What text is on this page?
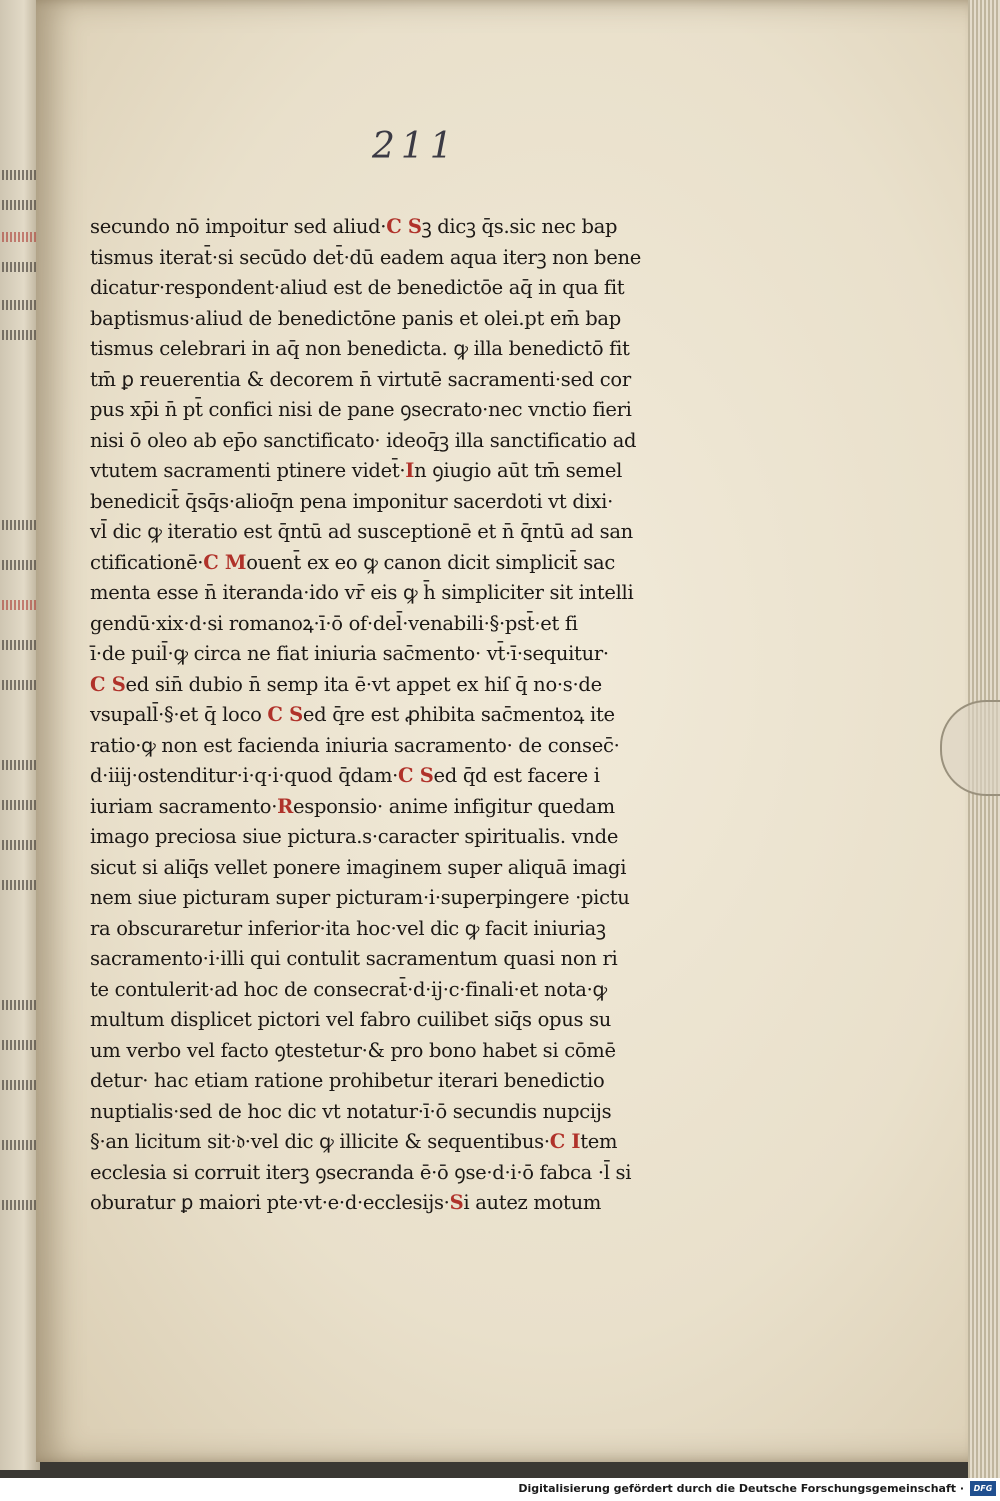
211
secundo nō impoitur sed aliud·C Sꝫ dicꝫ q̄s.sic nec bap
tismus iterat̄·si secūdo det̄·dū eadem aqua iterꝫ non bene
dicatur·respondent·aliud est de benedictōe aq̄ in qua fit
baptismus·aliud de benedictōne panis et olei.pt em̄ bap
tismus celebrari in aq̄ non benedicta. ꝙ illa benedictō fit
tm̄ ꝑ reuerentia & decorem n̄ virtutē sacramenti·sed cor
pus xp̄i n̄ pt̄ confici nisi de pane ꝯsecrato·nec vnctio fieri
nisi ō oleo ab ep̄o sanctificato· ideoq̄ꝫ illa sanctificatio ad
vtutem sacramenti ptinere videt̄·In ꝯiugio aūt tm̄ semel
benedicit̄ q̄sq̄s·alioq̄n pena imponitur sacerdoti vt dixi·
vl̄ dic ꝙ iteratio est q̄ntū ad susceptionē et n̄ q̄ntū ad san
ctificationē·C Mouent̄ ex eo ꝙ canon dicit simplicit̄ sac
menta esse n̄ iteranda·ido vr̄ eis ꝙ h̄ simpliciter sit intelli
gendū·xix·d·si romanoꝝ·ī·ō of·del̄·venabili·§·pst̄·et fi
ī·de puil̄·ꝙ circa ne fiat iniuria sac̄mento· vt̄·ī·sequitur·
C Sed sin̄ dubio n̄ semp ita ē·vt appet ex hiſ q̄ no·s·de
vsupall̄·§·et q̄ loco C Sed q̄re est ꝓhibita sac̄mentoꝝ ite
ratio·ꝙ non est facienda iniuria sacramento· de consec̄·
d·iiij·ostenditur·i·q·i·quod q̄dam·C Sed q̄d est facere i
iuriam sacramento·Responsio· anime infigitur quedam
imago preciosa siue pictura.s·caracter spiritualis. vnde
sicut si aliq̄s vellet ponere imaginem super aliquā imagi
nem siue picturam super picturam·i·superpingere ·pictu
ra obscuraretur inferior·ita hoc·vel dic ꝙ facit iniuriaꝫ
sacramento·i·illi qui contulit sacramentum quasi non ri
te contulerit·ad hoc de consecrat̄·d·ij·c·finali·et nota·ꝙ
multum displicet pictori vel fabro cuilibet siq̄s opus su
um verbo vel facto ꝯtestetur·& pro bono habet si cōmē
detur· hac etiam ratione prohibetur iterari benedictio
nuptialis·sed de hoc dic vt notatur·ī·ō secundis nupcijs
§·an licitum sit·𝔡·vel dic ꝙ illicite & sequentibus·C Item
ecclesia si corruit iterꝫ ꝯsecranda ē·ō ꝯse·d·i·ō fabca ·l̄ si
oburatur ꝑ maiori pte·vt·e·d·ecclesijs·Si autez motum
Digitalisierung gefördert durch die Deutsche Forschungsgemeinschaft ·	DFG
